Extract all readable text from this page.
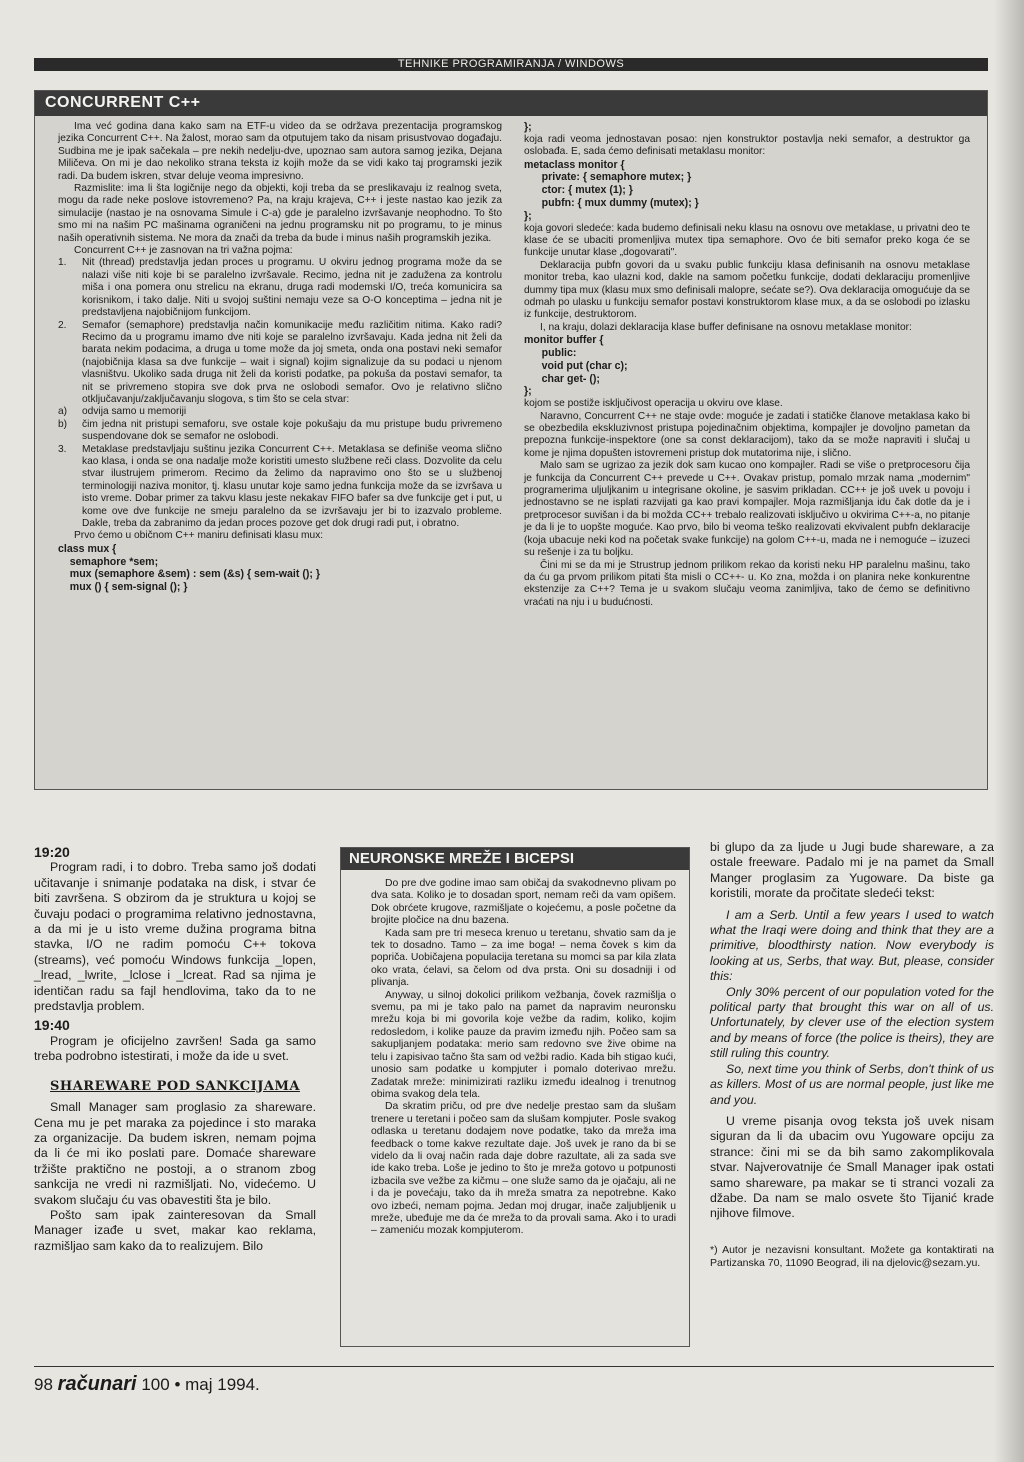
TEHNIKE PROGRAMIRANJA / WINDOWS
CONCURRENT C++

Ima već godina dana kako sam na ETF-u video da se održava prezentacija programskog jezika Concurrent C++. Na žalost, morao sam da otputujem tako da nisam prisustvovao događaju. Sudbina me je ipak sačekala – pre nekih nedelju-dve, upoznao sam autora samog jezika, Dejana Miličeva. On mi je dao nekoliko strana teksta iz kojih može da se vidi kako taj programski jezik radi. Da budem iskren, stvar deluje veoma impresivno.

Razmislite: ima li šta logičnije nego da objekti, koji treba da se preslikavaju iz realnog sveta, mogu da rade neke poslove istovremeno? Pa, na kraju krajeva, C++ i jeste nastao kao jezik za simulacije (nastao je na osnovama Simule i C-a) gde je paralelno izvršavanje neophodno. To što smo mi na našim PC mašinama ograničeni na jednu programsku nit po programu, to je minus naših operativnih sistema. Ne mora da znači da treba da bude i minus naših programskih jezika.

Concurrent C++ je zasnovan na tri važna pojma:

1.	Nit (thread) predstavlja jedan proces u programu. U okviru jednog programa može da se nalazi više niti koje bi se paralelno izvršavale. Recimo, jedna nit je zadužena za kontrolu miša i ona pomera onu strelicu na ekranu, druga radi modemski I/O, treća komunicira sa korisnikom, i tako dalje. Niti u svojoj suštini nemaju veze sa O-O konceptima – jedna nit je predstavljena najobičnijom funkcijom.
2.	Semafor (semaphore) predstavlja način komunikacije među različitim nitima. Kako radi? Recimo da u programu imamo dve niti koje se paralelno izvršavaju. Kada jedna nit želi da barata nekim podacima, a druga u tome može da joj smeta, onda ona postavi neki semafor (najobičnija klasa sa dve funkcije – wait i signal) kojim signalizuje da su podaci u njenom vlasništvu. Ukoliko sada druga nit želi da koristi podatke, pa pokuša da postavi semafor, ta nit se privremeno stopira sve dok prva ne oslobodi semafor. Ovo je relativno slično otključavanju/zaključavanju slogova, s tim što se cela stvar:
a)	odvija samo u memoriji
b)	čim jedna nit pristupi semaforu, sve ostale koje pokušaju da mu pristupe budu privremeno suspendovane dok se semafor ne oslobodi.
3.	Metaklase predstavljaju suštinu jezika Concurrent C++. Metaklasa se definiše veoma slično kao klasa, i onda se ona nadalje može koristiti umesto službene reči class. Dozvolite da celu stvar ilustrujem primerom. Recimo da želimo da napravimo ono što se u službenoj terminologiji naziva monitor, tj. klasu unutar koje samo jedna funkcija može da se izvršava u isto vreme. Dobar primer za takvu klasu jeste nekakav FIFO bafer sa dve funkcije get i put, u kome ove dve funkcije ne smeju paralelno da se izvršavaju jer bi to izazvalo probleme. Dakle, treba da zabranimo da jedan proces pozove get dok drugi radi put, i obratno.

Prvo ćemo u običnom C++ maniru definisati klasu mux:

class mux {
semaphore *sem;
mux (semaphore &sem) : sem (&s) { sem-wait (); }
mux () { sem-signal (); }
};

koja radi veoma jednostavan posao: njen konstruktor postavlja neki semafor, a destruktor ga oslobađa. E, sada ćemo definisati metaklasu monitor:

metaclass monitor {
private: { semaphore mutex; }
ctor: { mutex (1); }
pubfn: { mux dummy (mutex); }
};

koja govori sledeće: kada budemo definisali neku klasu na osnovu ove metaklase, u privatni deo te klase će se ubaciti promenljiva mutex tipa semaphore. Ovo će biti semafor preko koga će se funkcije unutar klase „dogovarati".

Deklaracija pubfn govori da u svaku public funkciju klasa definisanih na osnovu metaklase monitor treba, kao ulazni kod, dakle na samom početku funkcije, dodati deklaraciju promenljive dummy tipa mux (klasu mux smo definisali malopre, sećate se?). Ova deklaracija omogućuje da se odmah po ulasku u funkciju semafor postavi konstruktorom klase mux, a da se oslobodi po izlasku iz funkcije, destruktorom.

I, na kraju, dolazi deklaracija klase buffer definisane na osnovu metaklase monitor:

monitor buffer {
public:
void put (char c);
char get- ();
};

kojom se postiže isključivost operacija u okviru ove klase.

Naravno, Concurrent C++ ne staje ovde: moguće je zadati i statičke članove metaklasa kako bi se obezbedila ekskluzivnost pristupa pojedinačnim objektima, kompajler je dovoljno pametan da prepozna funkcije-inspektore (one sa const deklaracijom), tako da se može napraviti i slučaj u kome je njima dopušten istovremeni pristup dok mutatorima nije, i slično.

Malo sam se ugrizao za jezik dok sam kucao ono kompajler. Radi se više o pretprocesoru čija je funkcija da Concurrent C++ prevede u C++. Ovakav pristup, pomalo mrzak nama „modernim" programerima uljuljkanim u integrisane okoline, je sasvim prikladan. CC++ je još uvek u povoju i jednostavno se ne isplati razvijati ga kao pravi kompajler. Moja razmišljanja idu čak dotle da je i pretprocesor suvišan i da bi možda CC++ trebalo realizovati isključivo u okvirima C++-a, no pitanje je da li je to uopšte moguće. Kao prvo, bilo bi veoma teško realizovati ekvivalent pubfn deklaracije (koja ubacuje neki kod na početak svake funkcije) na golom C++-u, mada ne i nemoguće – izuzeci su rešenje i za tu boljku.

Čini mi se da mi je Strustrup jednom prilikom rekao da koristi neku HP paralelnu mašinu, tako da ću ga prvom prilikom pitati šta misli o CC++- u. Ko zna, možda i on planira neke konkurentne ekstenzije za C++? Tema je u svakom slučaju veoma zanimljiva, tako de ćemo se definitivno vraćati na nju i u budućnosti.

19:20

Program radi, i to dobro. Treba samo još dodati učitavanje i snimanje podataka na disk, i stvar će biti završena. S obzirom da je struktura u kojoj se čuvaju podaci o programima relativno jednostavna, a da mi je u isto vreme dužina programa bitna stavka, I/O ne radim pomoću C++ tokova (streams), već pomoću Windows funkcija _lopen, _lread, _lwrite, _lclose i _lcreat. Rad sa njima je identičan radu sa fajl hendlovima, tako da to ne predstavlja problem.

19:40

Program je oficijelno završen! Sada ga samo treba podrobno istestirati, i može da ide u svet.

SHAREWARE POD SANKCIJAMA

Small Manager sam proglasio za shareware. Cena mu je pet maraka za pojedince i sto maraka za organizacije. Da budem iskren, nemam pojma da li će mi iko poslati pare. Domaće shareware tržište praktično ne postoji, a o stranom zbog sankcija ne vredi ni razmišljati. No, videćemo. U svakom slučaju ću vas obavestiti šta je bilo.

Pošto sam ipak zainteresovan da Small Manager izađe u svet, makar kao reklama, razmišljao sam kako da to realizujem. Bilo

NEURONSKE MREŽE I BICEPSI

Do pre dve godine imao sam običaj da svakodnevno plivam po dva sata. Koliko je to dosadan sport, nemam reči da vam opišem. Dok obrćete krugove, razmišljate o kojećemu, a posle početne da brojite pločice na dnu bazena.

Kada sam pre tri meseca krenuo u teretanu, shvatio sam da je tek to dosadno. Tamo – za ime boga! – nema čovek s kim da popriča. Uobičajena populacija teretana su momci sa par kila zlata oko vrata, ćelavi, sa čelom od dva prsta. Oni su dosadniji i od plivanja.

Anyway, u silnoj dokolici prilikom vežbanja, čovek razmišlja o svemu, pa mi je tako palo na pamet da napravim neuronsku mrežu koja bi mi govorila koje vežbe da radim, koliko, kojim redosledom, i kolike pauze da pravim između njih. Počeo sam sa sakupljanjem podataka: merio sam redovno sve žive obime na telu i zapisivao tačno šta sam od vežbi radio. Kada bih stigao kući, unosio sam podatke u kompjuter i pomalo doterivao mrežu. Zadatak mreže: minimizirati razliku između idealnog i trenutnog obima svakog dela tela.

Da skratim priču, od pre dve nedelje prestao sam da slušam trenere u teretani i počeo sam da slušam kompjuter. Posle svakog odlaska u teretanu dodajem nove podatke, tako da mreža ima feedback o tome kakve rezultate daje. Još uvek je rano da bi se videlo da li ovaj način rada daje dobre razultate, ali za sada sve ide kako treba. Loše je jedino to što je mreža gotovo u potpunosti izbacila sve vežbe za kičmu – one služe samo da je ojačaju, ali ne i da je povećaju, tako da ih mreža smatra za nepotrebne. Kako ovo izbeći, nemam pojma. Jedan moj drugar, inače zaljubljenik u mreže, ubeđuje me da će mreža to da provali sama. Ako i to uradi – zameniću mozak kompjuterom.

bi glupo da za ljude u Jugi bude shareware, a za ostale freeware. Padalo mi je na pamet da Small Manger proglasim za Yugoware. Da biste ga koristili, morate da pročitate sledeći tekst:

I am a Serb. Until a few years I used to watch what the Iraqi were doing and think that they are a primitive, bloodthirsty nation. Now everybody is looking at us, Serbs, that way. But, please, consider this:

Only 30% percent of our population voted for the political party that brought this war on all of us. Unfortunately, by clever use of the election system and by means of force (the police is theirs), they are still ruling this country.

So, next time you think of Serbs, don't think of us as killers. Most of us are normal people, just like me and you.

U vreme pisanja ovog teksta još uvek nisam siguran da li da ubacim ovu Yugoware opciju za strance: čini mi se da bih samo zakomplikovala stvar. Najverovatnije će Small Manager ipak ostati samo shareware, pa makar se ti stranci vozali za džabe. Da nam se malo osvete što Tijanić krade njihove filmove.

*) Autor je nezavisni konsultant. Možete ga kontaktirati na Partizanska 70, 11090 Beograd, ili na djelovic@sezam.yu.

98 računari 100 • maj 1994.
